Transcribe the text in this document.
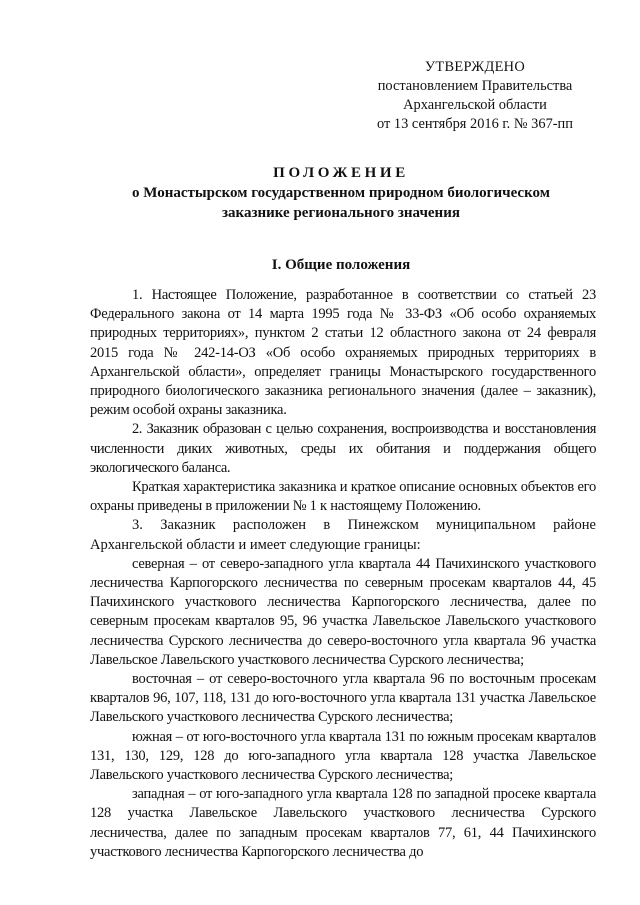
УТВЕРЖДЕНО
постановлением Правительства
Архангельской области
от 13 сентября 2016 г. № 367-пп
ПОЛОЖЕНИЕ
о Монастырском государственном природном биологическом
заказнике регионального значения
I. Общие положения

1. Настоящее Положение, разработанное в соответствии со статьей 23 Федерального закона от 14 марта 1995 года № 33-ФЗ «Об особо охраняемых природных территориях», пунктом 2 статьи 12 областного закона от 24 февраля 2015 года № 242-14-ОЗ «Об особо охраняемых природных территориях в Архангельской области», определяет границы Монастырского государственного природного биологического заказника регионального значения (далее – заказник), режим особой охраны заказника.

2. Заказник образован с целью сохранения, воспроизводства и восстановления численности диких животных, среды их обитания и поддержания общего экологического баланса.

Краткая характеристика заказника и краткое описание основных объектов его охраны приведены в приложении № 1 к настоящему Положению.

3. Заказник расположен в Пинежском муниципальном районе Архангельской области и имеет следующие границы:

северная – от северо-западного угла квартала 44 Пачихинского участкового лесничества Карпогорского лесничества по северным просекам кварталов 44, 45 Пачихинского участкового лесничества Карпогорского лесничества, далее по северным просекам кварталов 95, 96 участка Лавельское Лавельского участкового лесничества Сурского лесничества до северо-восточного угла квартала 96 участка Лавельское Лавельского участкового лесничества Сурского лесничества;

восточная – от северо-восточного угла квартала 96 по восточным просекам кварталов 96, 107, 118, 131 до юго-восточного угла квартала 131 участка Лавельское Лавельского участкового лесничества Сурского лесничества;

южная – от юго-восточного угла квартала 131 по южным просекам кварталов 131, 130, 129, 128 до юго-западного угла квартала 128 участка Лавельское Лавельского участкового лесничества Сурского лесничества;

западная – от юго-западного угла квартала 128 по западной просеке квартала 128 участка Лавельское Лавельского участкового лесничества Сурского лесничества, далее по западным просекам кварталов 77, 61, 44 Пачихинского участкового лесничества Карпогорского лесничества до
